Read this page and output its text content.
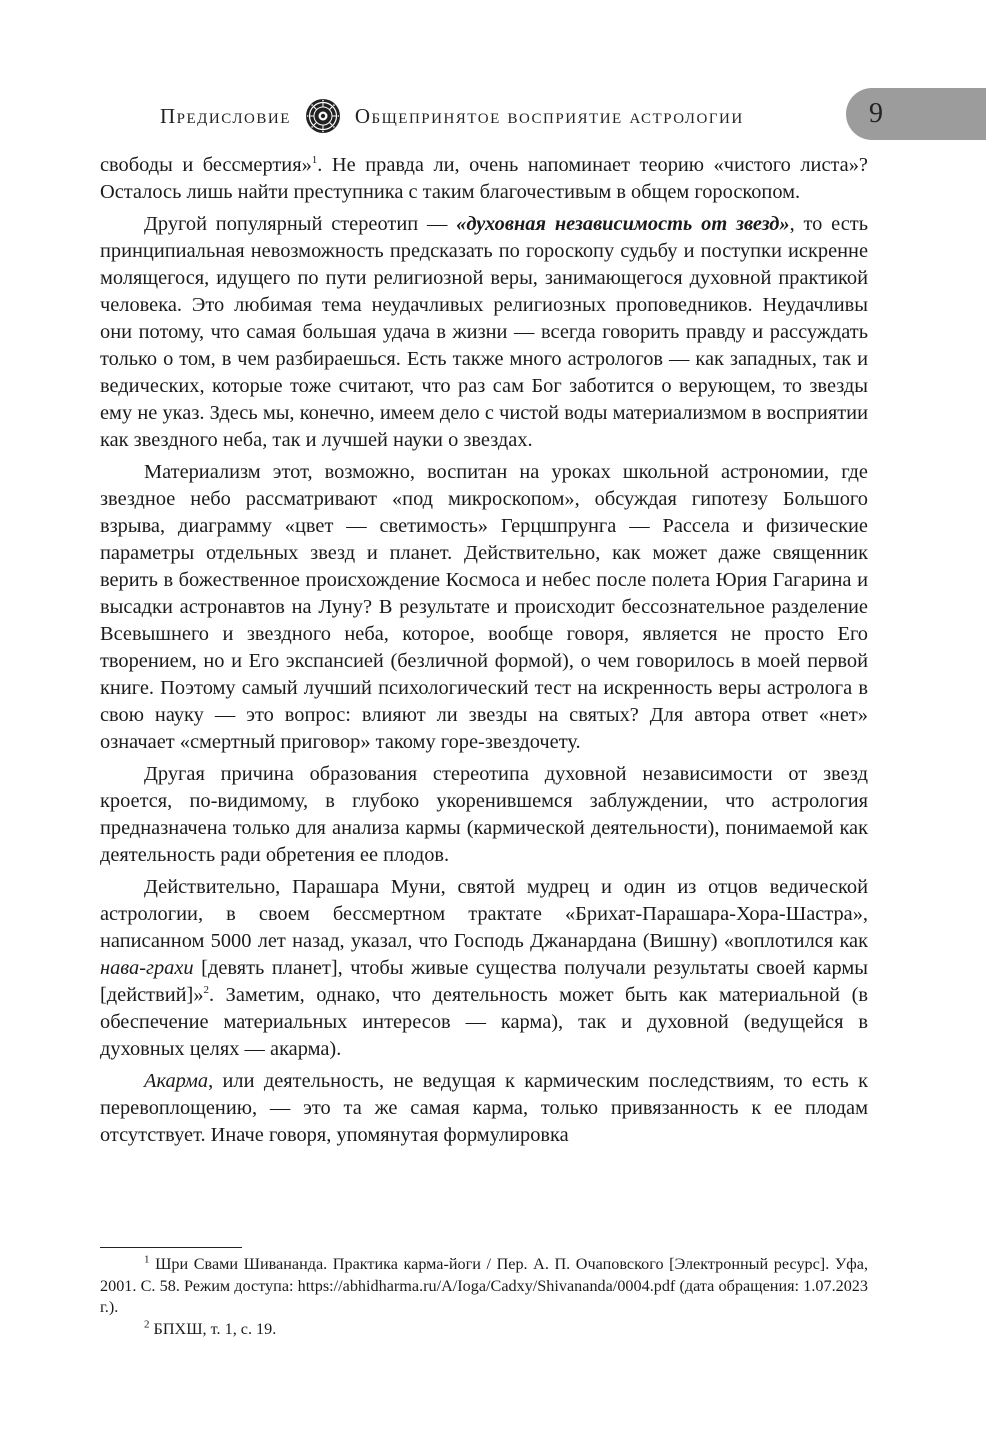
9
Предисловие	Общепринятое восприятие астрологии

свободы и бессмертия»$^1$. Не правда ли, очень напоминает теорию «чистого листа»? Осталось лишь найти преступника с таким благочестивым в общем гороскопом.

Другой популярный стереотип — «духовная независимость от звезд», то есть принципиальная невозможность предсказать по гороскопу судьбу и поступки искренне молящегося, идущего по пути религиозной веры, занимающегося духовной практикой человека. Это любимая тема неудачливых религиозных проповедников. Неудачливы они потому, что самая большая удача в жизни — всегда говорить правду и рассуждать только о том, в чем разбираешься. Есть также много астрологов — как западных, так и ведических, которые тоже считают, что раз сам Бог заботится о верующем, то звезды ему не указ. Здесь мы, конечно, имеем дело с чистой воды материализмом в восприятии как звездного неба, так и лучшей науки о звездах.

Материализм этот, возможно, воспитан на уроках школьной астрономии, где звездное небо рассматривают «под микроскопом», обсуждая гипотезу Большого взрыва, диаграмму «цвет — светимость» Герцшпрунга — Рассела и физические параметры отдельных звезд и планет. Действительно, как может даже священник верить в божественное происхождение Космоса и небес после полета Юрия Гагарина и высадки астронавтов на Луну? В результате и происходит бессознательное разделение Всевышнего и звездного неба, которое, вообще говоря, является не просто Его творением, но и Его экспансией (безличной формой), о чем говорилось в моей первой книге. Поэтому самый лучший психологический тест на искренность веры астролога в свою науку — это вопрос: влияют ли звезды на святых? Для автора ответ «нет» означает «смертный приговор» такому горе-звездочету.

Другая причина образования стереотипа духовной независимости от звезд кроется, по-видимому, в глубоко укоренившемся заблуждении, что астрология предназначена только для анализа кармы (кармической деятельности), понимаемой как деятельность ради обретения ее плодов.

Действительно, Парашара Муни, святой мудрец и один из отцов ведической астрологии, в своем бессмертном трактате «Брихат-Парашара-Хора-Шастра», написанном 5000 лет назад, указал, что Господь Джанардана (Вишну) «воплотился как нава-грахи [девять планет], чтобы живые существа получали результаты своей кармы [действий]»$^2$. Заметим, однако, что деятельность может быть как материальной (в обеспечение материальных интересов — карма), так и духовной (ведущейся в духовных целях — акарма).

Акарма, или деятельность, не ведущая к кармическим последствиям, то есть к перевоплощению, — это та же самая карма, только привязанность к ее плодам отсутствует. Иначе говоря, упомянутая формулировка

$^1$ Шри Свами Шивананда. Практика карма-йоги / Пер. А. П. Очаповского [Электронный ресурс]. Уфа, 2001. С. 58. Режим доступа: https://abhidharma.ru/A/Ioga/Cadxy/Shivananda/0004.pdf (дата обращения: 1.07.2023 г.).

$^2$ БПХШ, т. 1, с. 19.
